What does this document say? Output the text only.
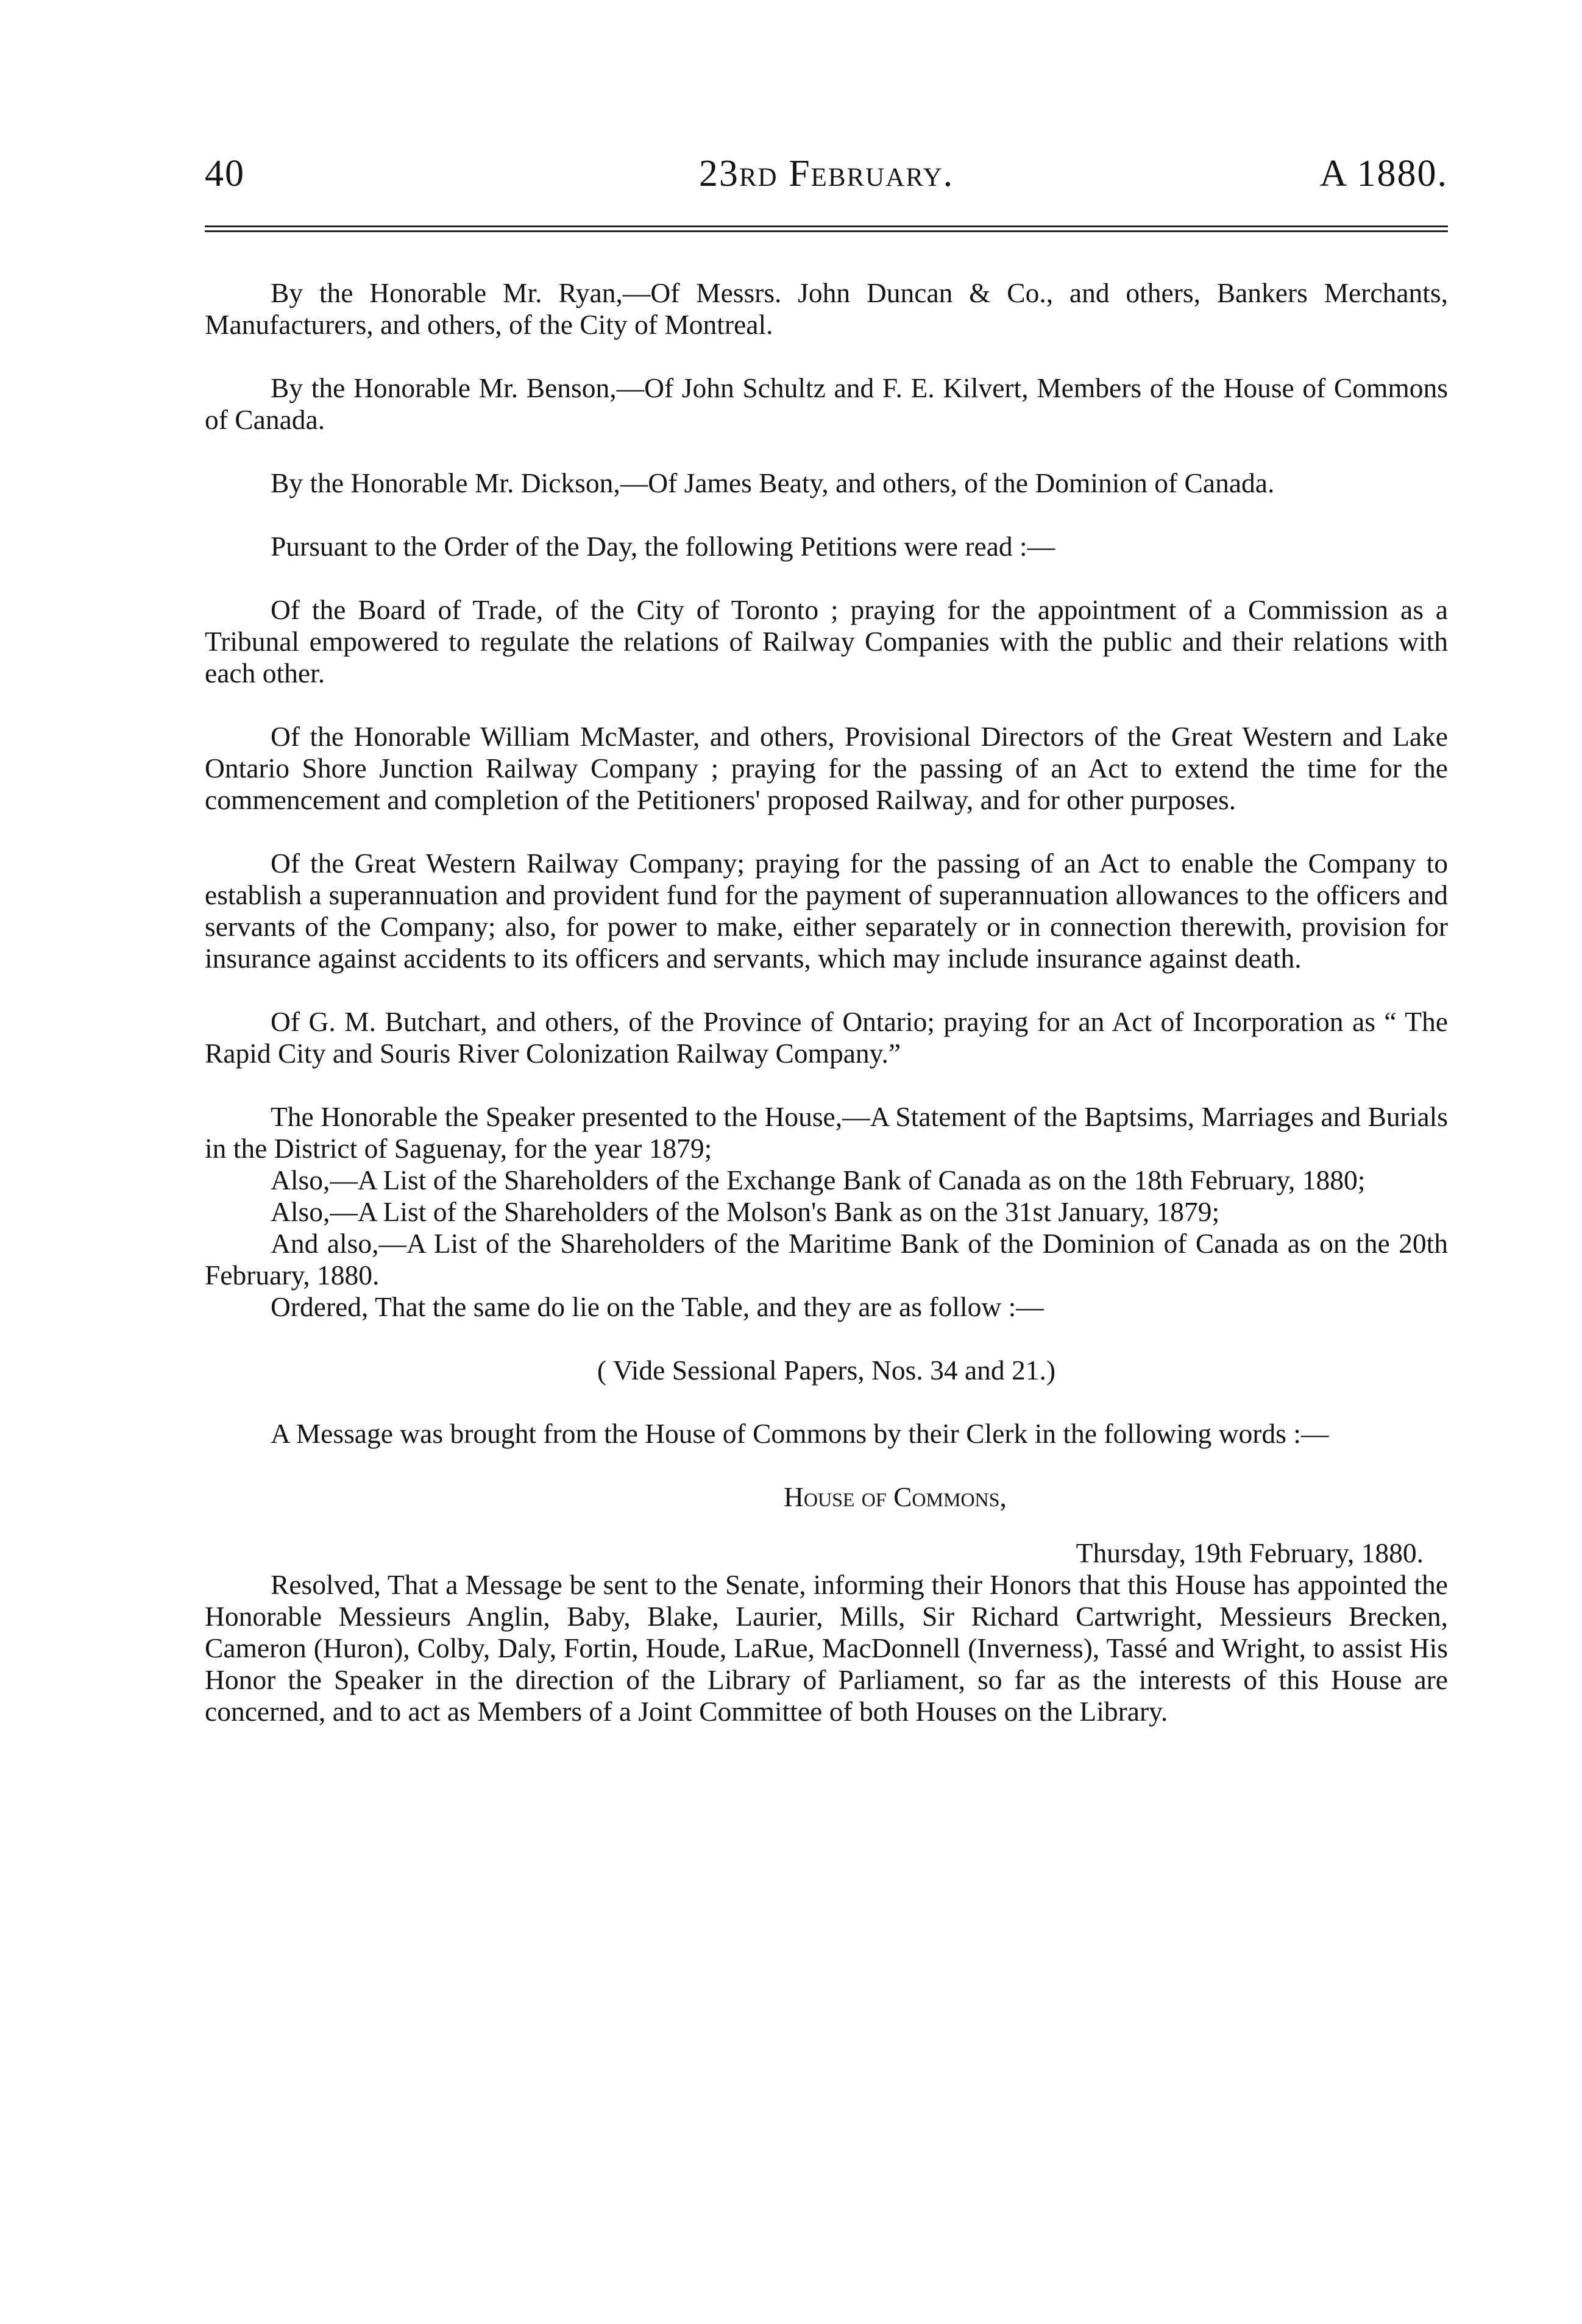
40	23rd February.	A 1880.

By the Honorable Mr. Ryan,—Of Messrs. John Duncan & Co., and others, Bankers Merchants, Manufacturers, and others, of the City of Montreal.

By the Honorable Mr. Benson,—Of John Schultz and F. E. Kilvert, Members of the House of Commons of Canada.

By the Honorable Mr. Dickson,—Of James Beaty, and others, of the Dominion of Canada.

Pursuant to the Order of the Day, the following Petitions were read :—

Of the Board of Trade, of the City of Toronto ; praying for the appointment of a Commission as a Tribunal empowered to regulate the relations of Railway Companies with the public and their relations with each other.

Of the Honorable William McMaster, and others, Provisional Directors of the Great Western and Lake Ontario Shore Junction Railway Company ; praying for the passing of an Act to extend the time for the commencement and completion of the Petitioners' proposed Railway, and for other purposes.

Of the Great Western Railway Company; praying for the passing of an Act to enable the Company to establish a superannuation and provident fund for the payment of superannuation allowances to the officers and servants of the Company; also, for power to make, either separately or in connection therewith, provision for insurance against accidents to its officers and servants, which may include insurance against death.

Of G. M. Butchart, and others, of the Province of Ontario; praying for an Act of Incorporation as “ The Rapid City and Souris River Colonization Railway Company.”

The Honorable the Speaker presented to the House,—A Statement of the Baptsims, Marriages and Burials in the District of Saguenay, for the year 1879;

Also,—A List of the Shareholders of the Exchange Bank of Canada as on the 18th February, 1880;

Also,—A List of the Shareholders of the Molson's Bank as on the 31st January, 1879;

And also,—A List of the Shareholders of the Maritime Bank of the Dominion of Canada as on the 20th February, 1880.

Ordered, That the same do lie on the Table, and they are as follow :—

( Vide Sessional Papers, Nos. 34 and 21.)

A Message was brought from the House of Commons by their Clerk in the following words :—

House of Commons,

Thursday, 19th February, 1880.

Resolved, That a Message be sent to the Senate, informing their Honors that this House has appointed the Honorable Messieurs Anglin, Baby, Blake, Laurier, Mills, Sir Richard Cartwright, Messieurs Brecken, Cameron (Huron), Colby, Daly, Fortin, Houde, LaRue, MacDonnell (Inverness), Tassé and Wright, to assist His Honor the Speaker in the direction of the Library of Parliament, so far as the interests of this House are concerned, and to act as Members of a Joint Committee of both Houses on the Library.
